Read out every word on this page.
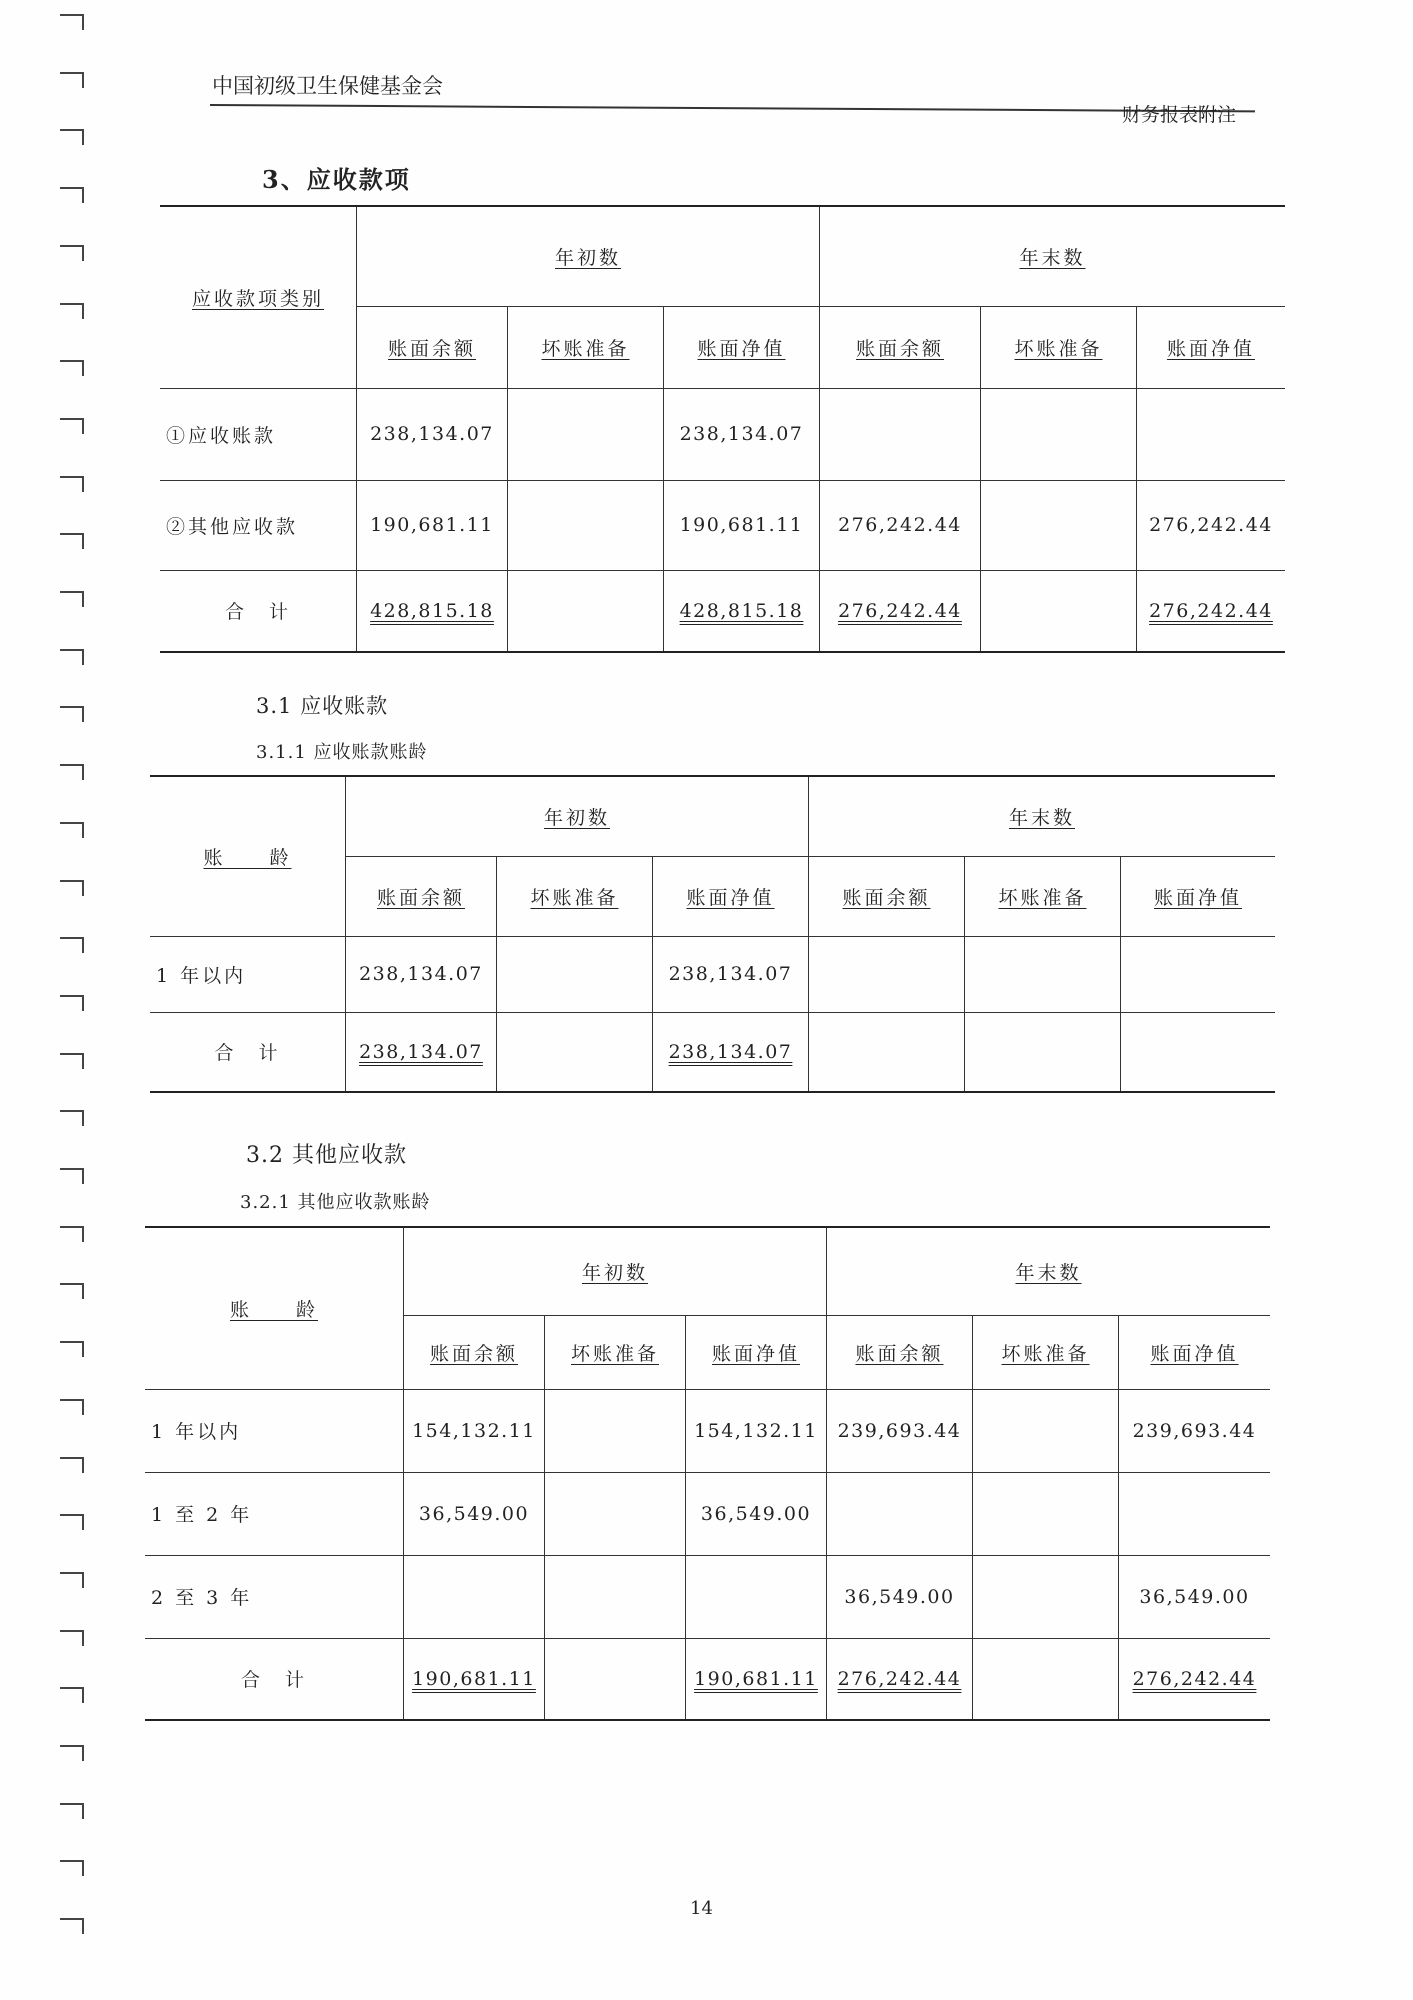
中国初级卫生保健基金会
财务报表附注
3、应收款项
应收款项类别	年初数			年末数		
	账面余额	坏账准备	账面净值	账面余额	坏账准备	账面净值
①应收账款	238,134.07		238,134.07			
②其他应收款	190,681.11		190,681.11	276,242.44		276,242.44
合　计	428,815.18		428,815.18	276,242.44		276,242.44
3.1 应收账款
3.1.1 应收账款账龄
账　　龄	年初数			年末数		
	账面余额	坏账准备	账面净值	账面余额	坏账准备	账面净值
1 年以内	238,134.07		238,134.07			
合　计	238,134.07		238,134.07			
3.2 其他应收款
3.2.1 其他应收款账龄
账　　龄	年初数			年末数		
	账面余额	坏账准备	账面净值	账面余额	坏账准备	账面净值
1 年以内	154,132.11		154,132.11	239,693.44		239,693.44
1 至 2 年	36,549.00		36,549.00			
2 至 3 年				36,549.00		36,549.00
合　计	190,681.11		190,681.11	276,242.44		276,242.44
14
